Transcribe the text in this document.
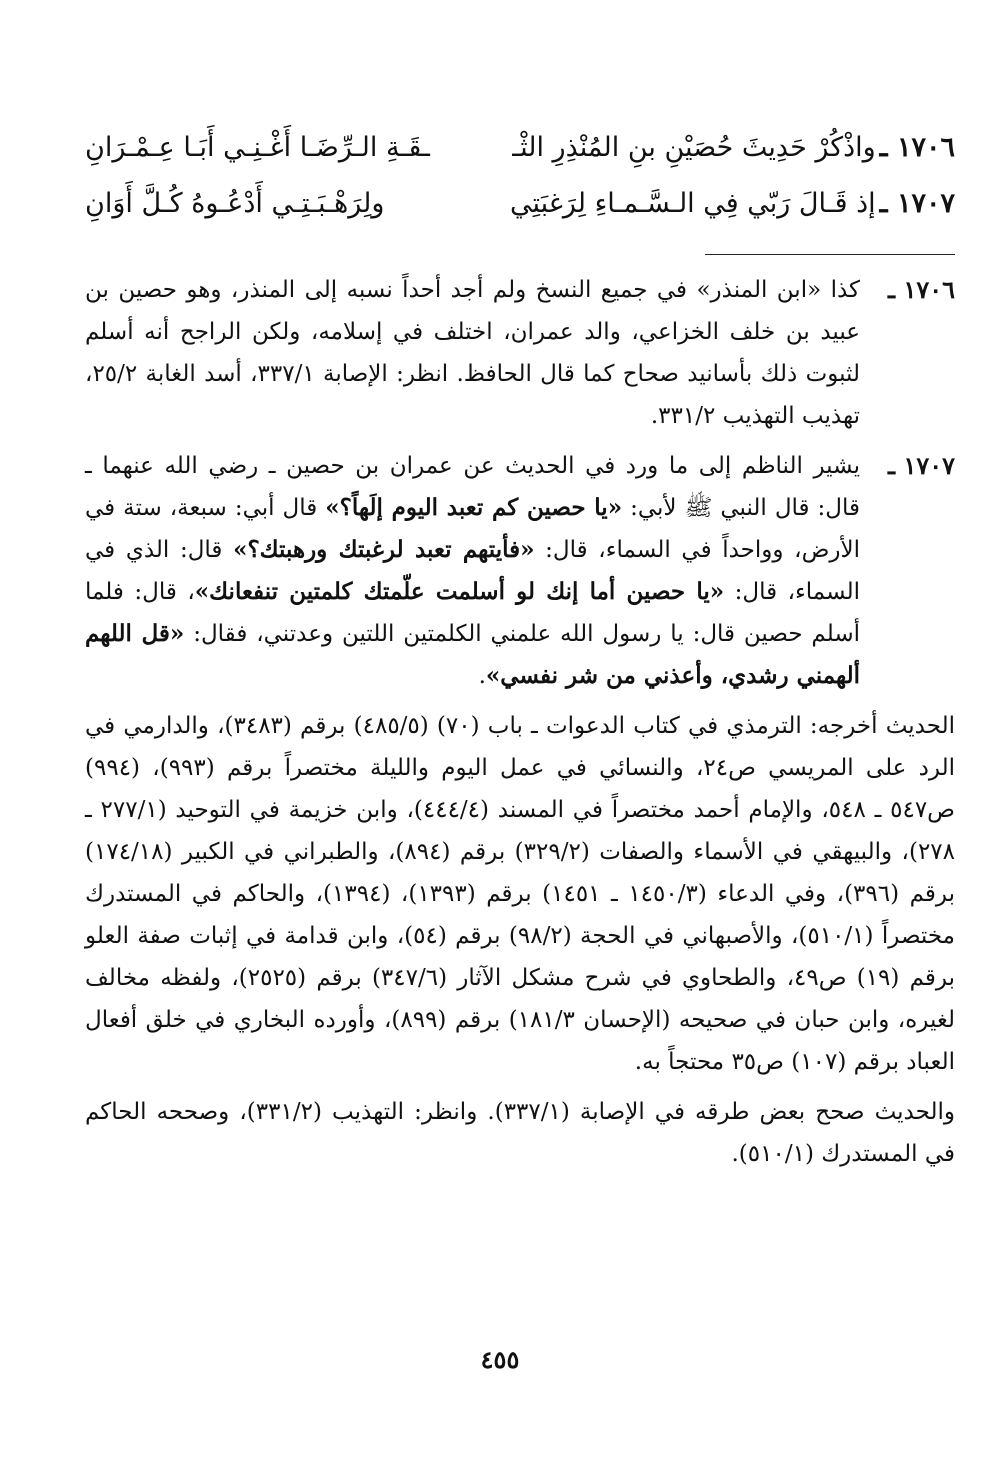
١٧٠٦ ـ
واذْكُرْ حَدِيثَ حُصَيْنِ بنِ المُنْذِرِ الثْـ
ـقَـةِ الـرِّضَـا أَغْـنِـي أَبَـا عِـمْـرَانِ
١٧٠٧ ـ
إذ قَـالَ رَبّي فِي الـسَّـمـاءِ لِرَغبَتِي
ولِرَهْـبَـتِـي أَدْعُـوهُ كُـلَّ أَوَانِ
١٧٠٦ ـ

كذا «ابن المنذر» في جميع النسخ ولم أجد أحداً نسبه إلى المنذر، وهو حصين بن عبيد بن خلف الخزاعي، والد عمران، اختلف في إسلامه، ولكن الراجح أنه أسلم لثبوت ذلك بأسانيد صحاح كما قال الحافظ. انظر: الإصابة ٣٣٧/١، أسد الغابة ٢٥/٢، تهذيب التهذيب ٣٣١/٢.

١٧٠٧ ـ

يشير الناظم إلى ما ورد في الحديث عن عمران بن حصين ـ رضي الله عنهما ـ قال: قال النبي ﷺ لأبي: «يا حصين كم تعبد اليوم إلَهاً؟» قال أبي: سبعة، ستة في الأرض، وواحداً في السماء، قال: «فأيتهم تعبد لرغبتك ورهبتك؟» قال: الذي في السماء، قال: «يا حصين أما إنك لو أسلمت علّمتك كلمتين تنفعانك»، قال: فلما أسلم حصين قال: يا رسول الله علمني الكلمتين اللتين وعدتني، فقال: «قل اللهم ألهمني رشدي، وأعذني من شر نفسي».

الحديث أخرجه: الترمذي في كتاب الدعوات ـ باب (٧٠) (٤٨٥/٥) برقم (٣٤٨٣)، والدارمي في الرد على المريسي ص٢٤، والنسائي في عمل اليوم والليلة مختصراً برقم (٩٩٣)، (٩٩٤) ص٥٤٧ ـ ٥٤٨، والإمام أحمد مختصراً في المسند (٤٤٤/٤)، وابن خزيمة في التوحيد (٢٧٧/١ ـ ٢٧٨)، والبيهقي في الأسماء والصفات (٣٢٩/٢) برقم (٨٩٤)، والطبراني في الكبير (١٧٤/١٨) برقم (٣٩٦)، وفي الدعاء (١٤٥٠/٣ ـ ١٤٥١) برقم (١٣٩٣)، (١٣٩٤)، والحاكم في المستدرك مختصراً (٥١٠/١)، والأصبهاني في الحجة (٩٨/٢) برقم (٥٤)، وابن قدامة في إثبات صفة العلو برقم (١٩) ص٤٩، والطحاوي في شرح مشكل الآثار (٣٤٧/٦) برقم (٢٥٢٥)، ولفظه مخالف لغيره، وابن حبان في صحيحه (الإحسان ١٨١/٣) برقم (٨٩٩)، وأورده البخاري في خلق أفعال العباد برقم (١٠٧) ص٣٥ محتجاً به.

والحديث صحح بعض طرقه في الإصابة (٣٣٧/١). وانظر: التهذيب (٣٣١/٢)، وصححه الحاكم في المستدرك (٥١٠/١).

٤٥٥
